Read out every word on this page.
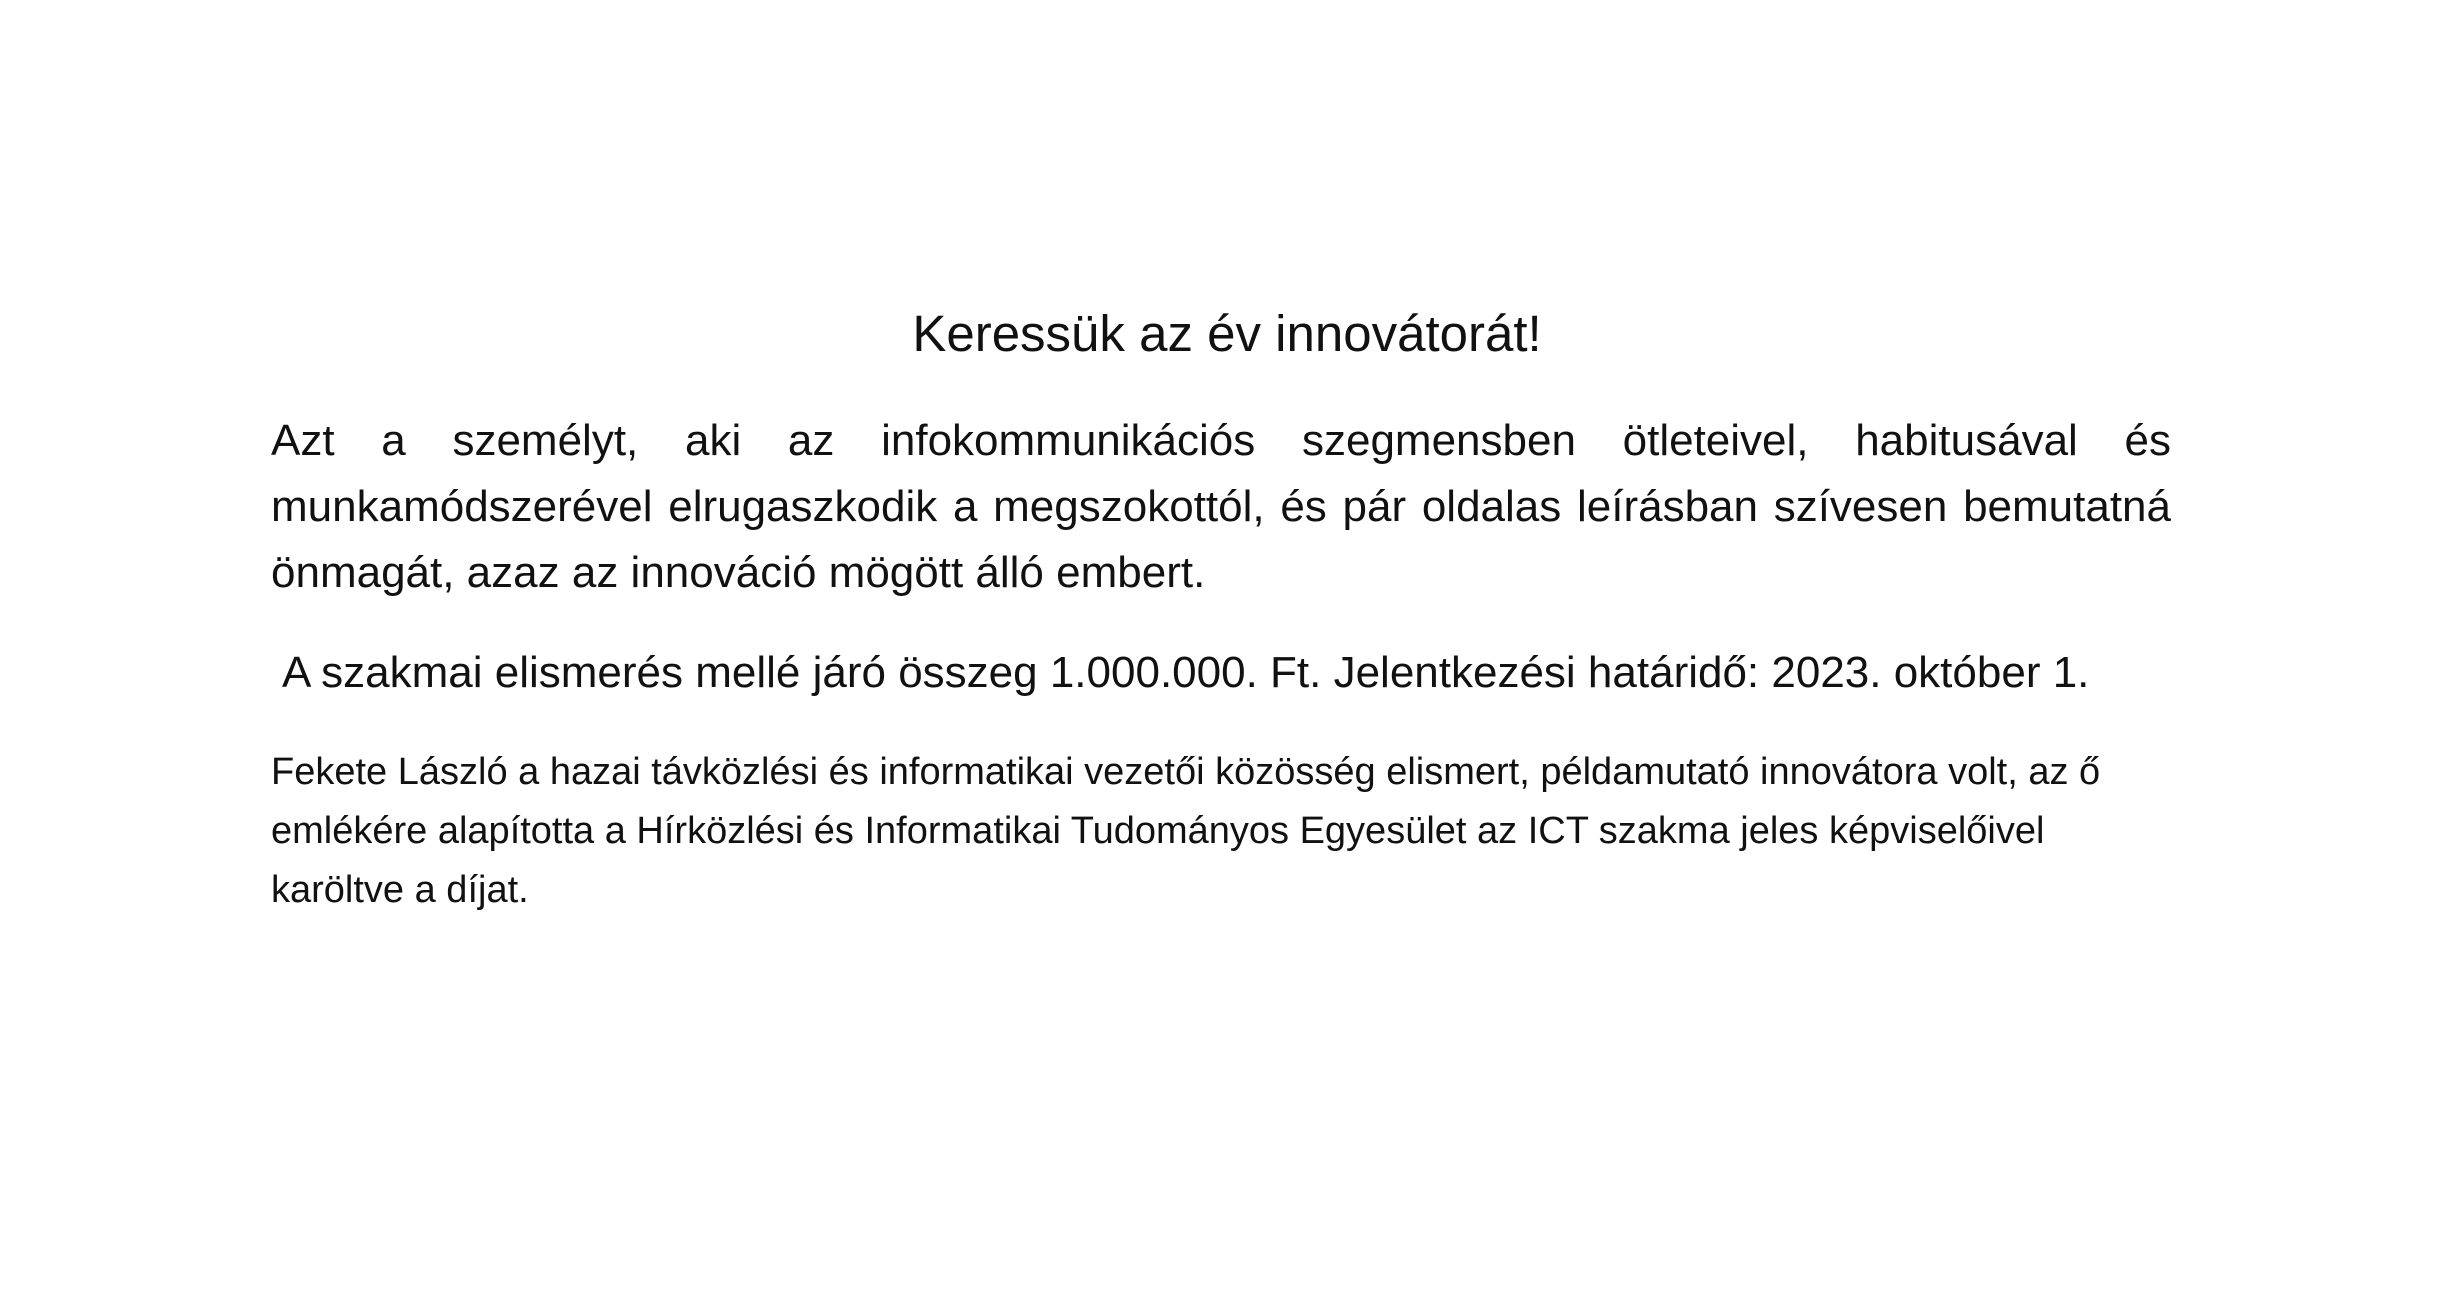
Keressük az év innovátorát!

Azt a személyt, aki az infokommunikációs szegmensben ötleteivel, habitusával és munkamódszerével elrugaszkodik a megszokottól, és pár oldalas leírásban szívesen bemutatná önmagát, azaz az innováció mögött álló embert.

A szakmai elismerés mellé járó összeg 1.000.000. Ft. Jelentkezési határidő: 2023. október 1.

Fekete László a hazai távközlési és informatikai vezetői közösség elismert, példamutató innovátora volt, az ő emlékére alapította a Hírközlési és Informatikai Tudományos Egyesület az ICT szakma jeles képviselőivel karöltve a díjat.
